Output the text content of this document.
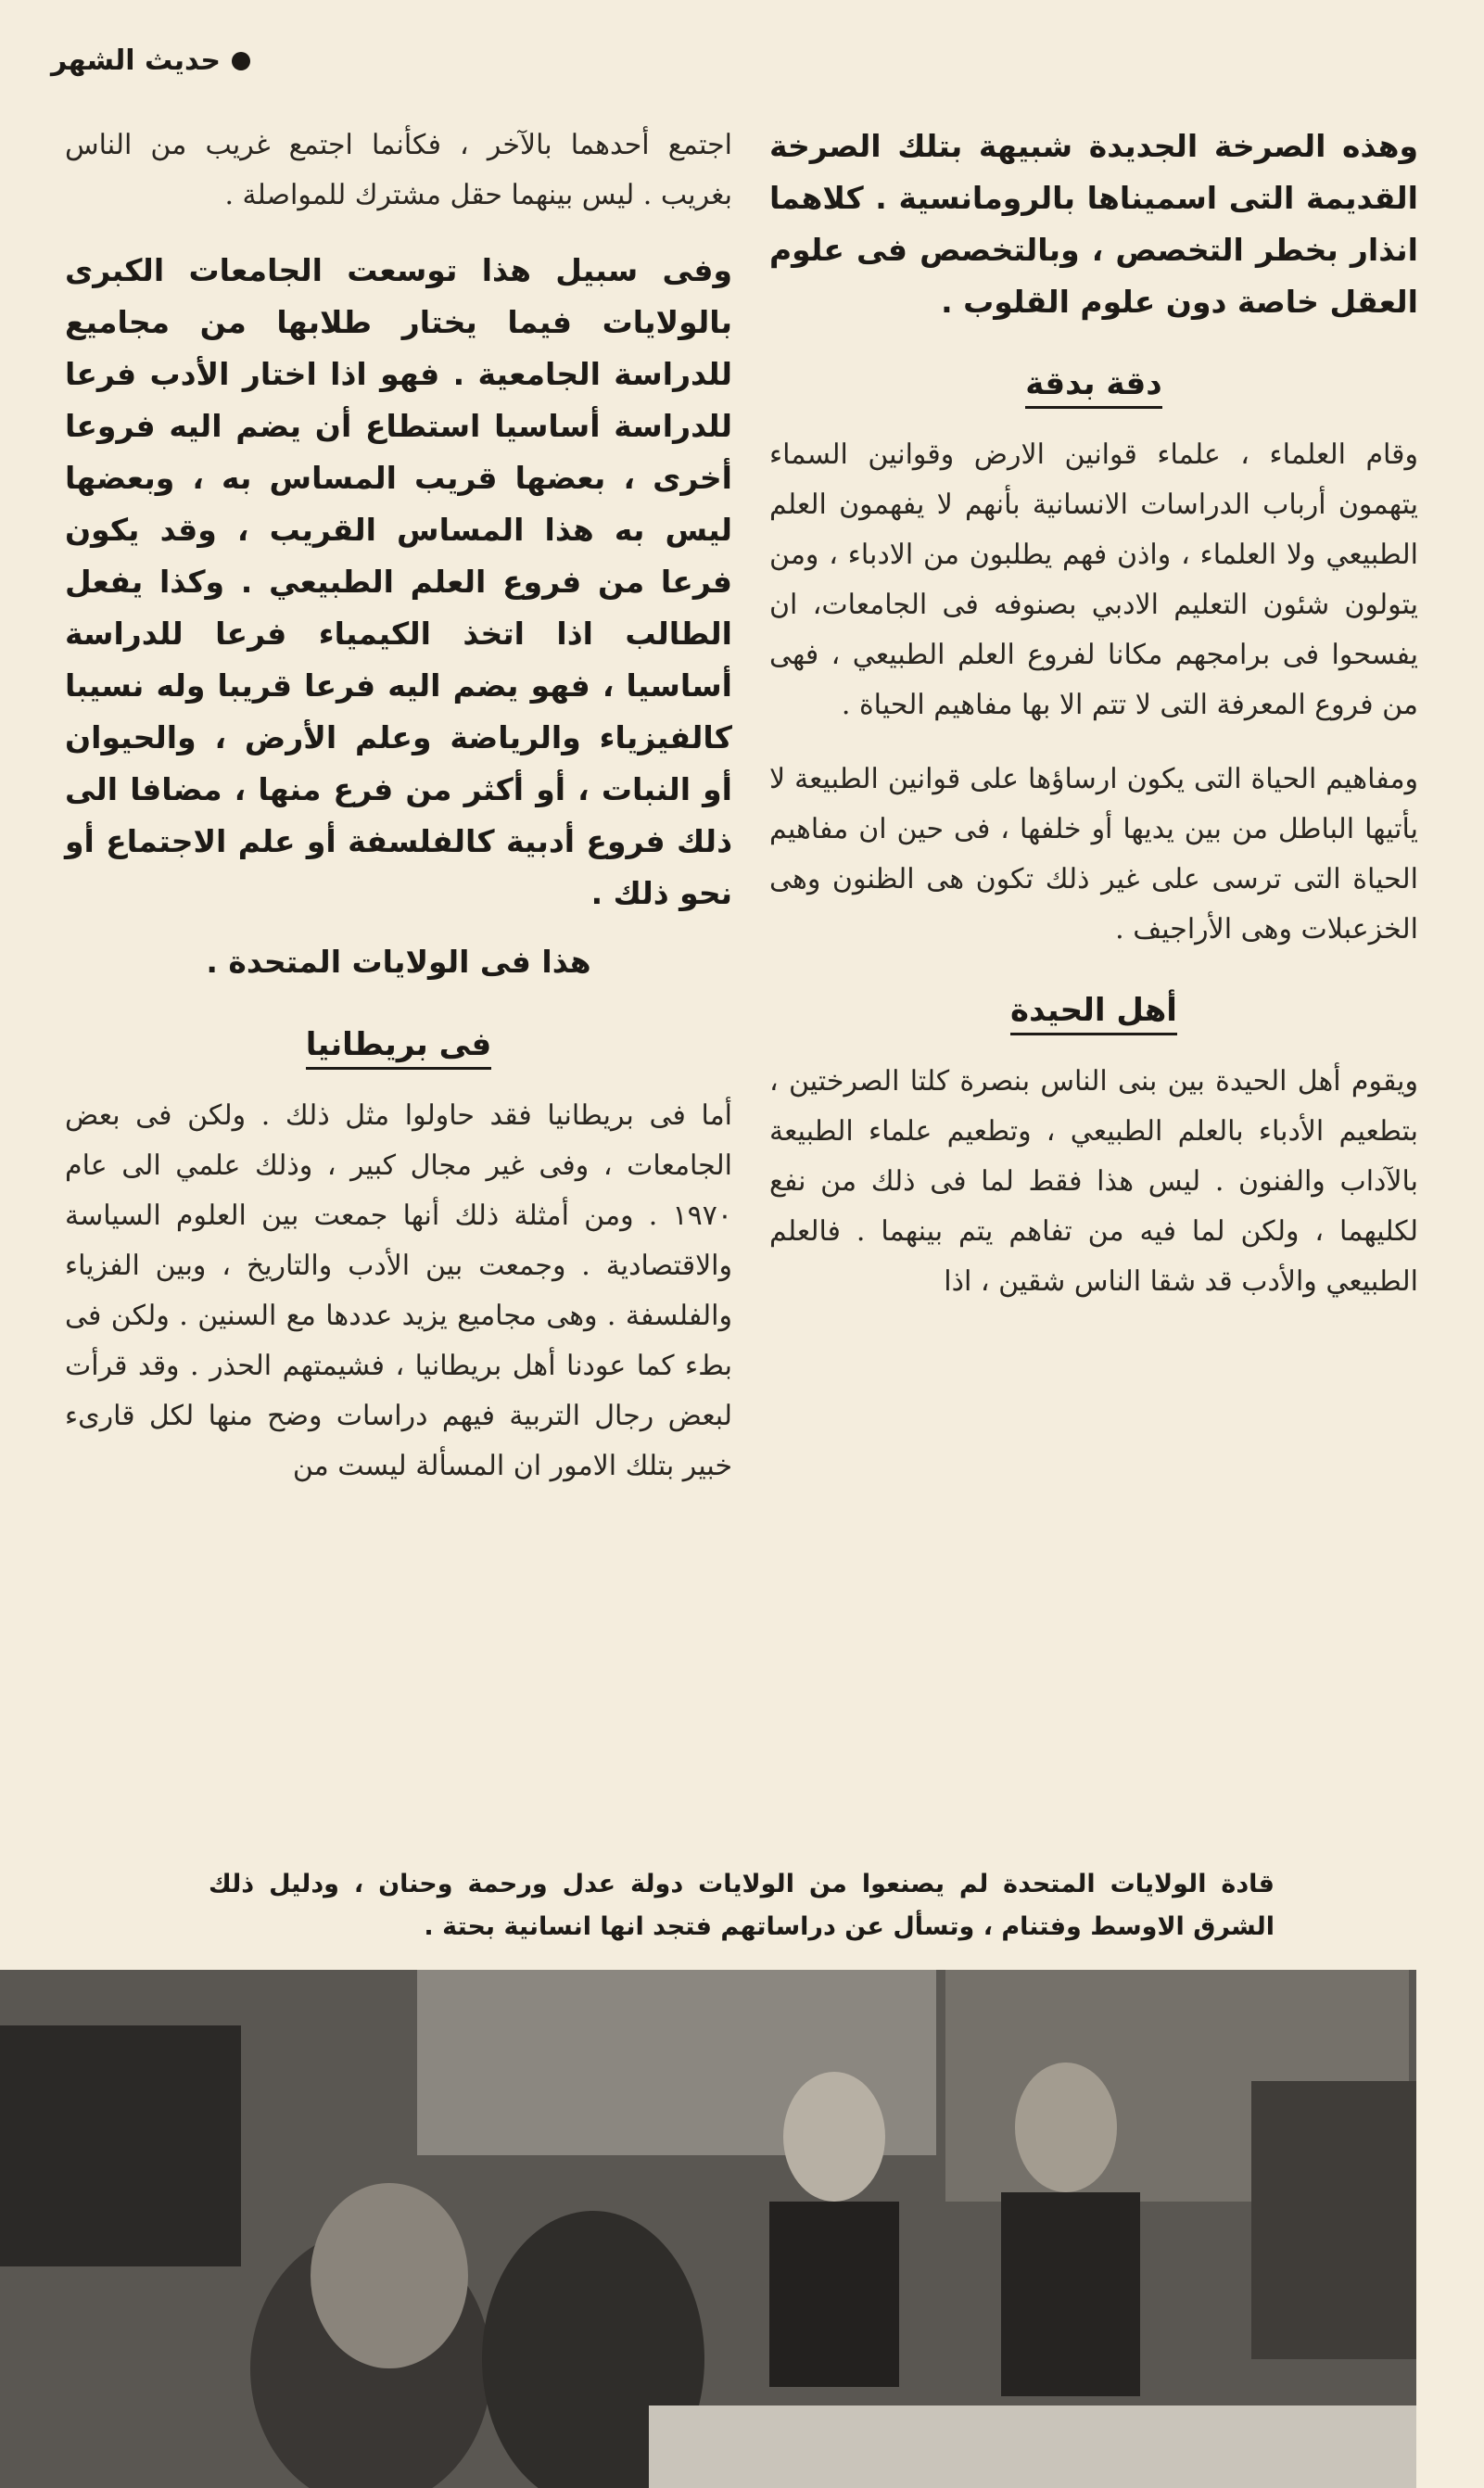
حديث الشهر

وهذه الصرخة الجديدة شبيهة بتلك الصرخة القديمة التى اسميناها بالرومانسية . كلاهما انذار بخطر التخصص ، وبالتخصص فى علوم العقل خاصة دون علوم القلوب .

دقة بدقة

وقام العلماء ، علماء قوانين الارض وقوانين السماء يتهمون أرباب الدراسات الانسانية بأنهم لا يفهمون العلم الطبيعي ولا العلماء ، واذن فهم يطلبون من الادباء ، ومن يتولون شئون التعليم الادبي بصنوفه فى الجامعات، ان يفسحوا فى برامجهم مكانا لفروع العلم الطبيعي ، فهى من فروع المعرفة التى لا تتم الا بها مفاهيم الحياة .

ومفاهيم الحياة التى يكون ارساؤها على قوانين الطبيعة لا يأتيها الباطل من بين يديها أو خلفها ، فى حين ان مفاهيم الحياة التى ترسى على غير ذلك تكون هى الظنون وهى الخزعبلات وهى الأراجيف .

أهل الحيدة

ويقوم أهل الحيدة بين بنى الناس بنصرة كلتا الصرختين ، بتطعيم الأدباء بالعلم الطبيعي ، وتطعيم علماء الطبيعة بالآداب والفنون . ليس هذا فقط لما فى ذلك من نفع لكليهما ، ولكن لما فيه من تفاهم يتم بينهما . فالعلم الطبيعي والأدب قد شقا الناس شقين ، اذا

اجتمع أحدهما بالآخر ، فكأنما اجتمع غريب من الناس بغريب . ليس بينهما حقل مشترك للمواصلة .

وفى سبيل هذا توسعت الجامعات الكبرى بالولايات فيما يختار طلابها من مجاميع للدراسة الجامعية . فهو اذا اختار الأدب فرعا للدراسة أساسيا استطاع أن يضم اليه فروعا أخرى ، بعضها قريب المساس به ، وبعضها ليس به هذا المساس القريب ، وقد يكون فرعا من فروع العلم الطبيعي . وكذا يفعل الطالب اذا اتخذ الكيمياء فرعا للدراسة أساسيا ، فهو يضم اليه فرعا قريبا وله نسيبا كالفيزياء والرياضة وعلم الأرض ، والحيوان أو النبات ، أو أكثر من فرع منها ، مضافا الى ذلك فروع أدبية كالفلسفة أو علم الاجتماع أو نحو ذلك .

هذا فى الولايات المتحدة .
فى بريطانيا

أما فى بريطانيا فقد حاولوا مثل ذلك . ولكن فى بعض الجامعات ، وفى غير مجال كبير ، وذلك علمي الى عام ١٩٧٠ . ومن أمثلة ذلك أنها جمعت بين العلوم السياسة والاقتصادية . وجمعت بين الأدب والتاريخ ، وبين الفزياء والفلسفة . وهى مجاميع يزيد عددها مع السنين . ولكن فى بطء كما عودنا أهل بريطانيا ، فشيمتهم الحذر . وقد قرأت لبعض رجال التربية فيهم دراسات وضح منها لكل قارىء خبير بتلك الامور ان المسألة ليست من

قادة الولايات المتحدة لم يصنعوا من الولايات دولة عدل ورحمة وحنان ، ودليل ذلك الشرق الاوسط وفتنام ، وتسأل عن دراساتهم فتجد انها انسانية بحتة .
